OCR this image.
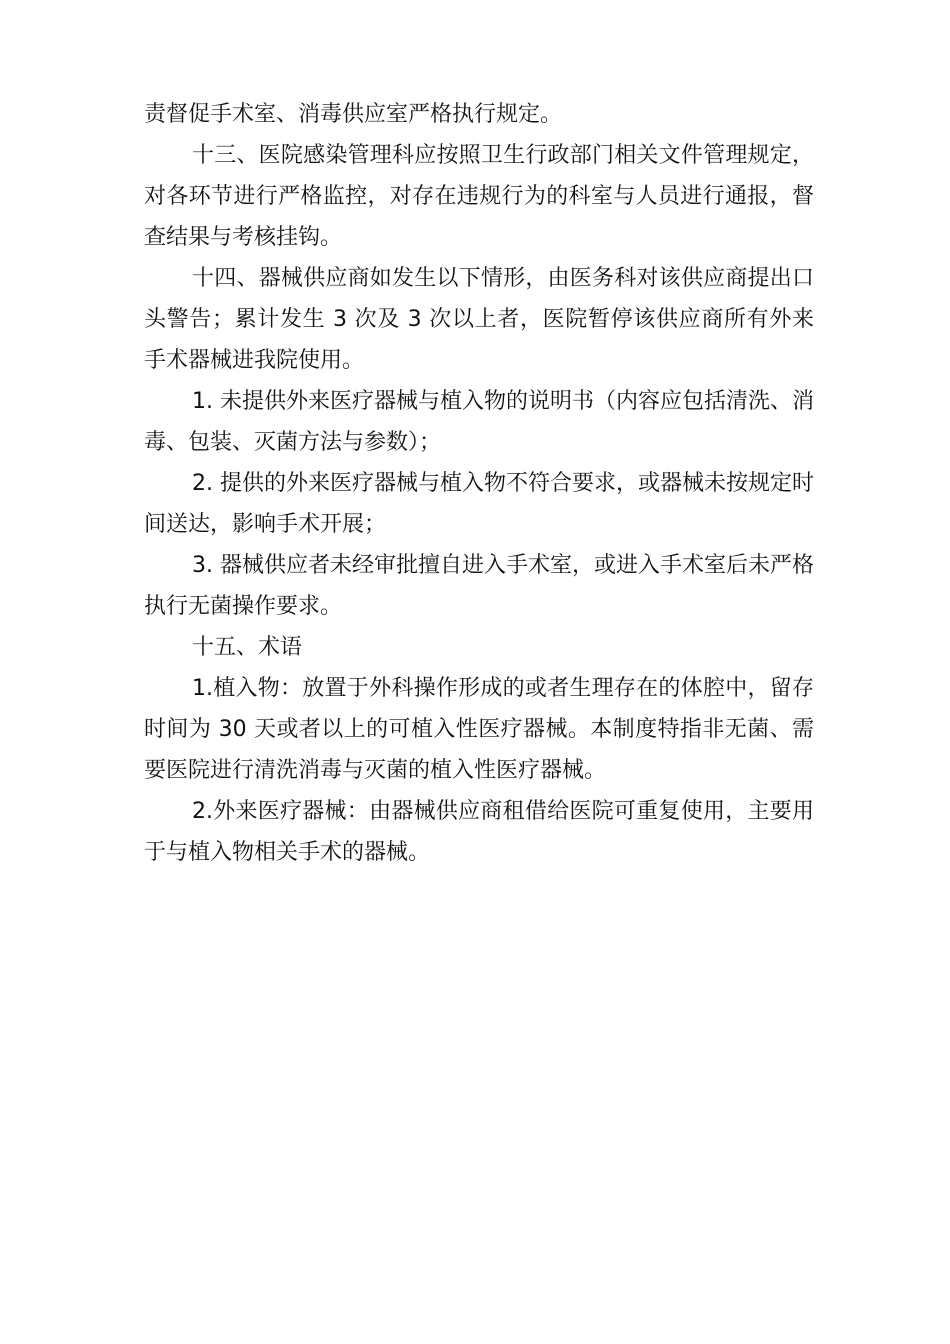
责督促手术室、消毒供应室严格执行规定。

十三、医院感染管理科应按照卫生行政部门相关文件管理规定，对各环节进行严格监控，对存在违规行为的科室与人员进行通报，督查结果与考核挂钩。

十四、器械供应商如发生以下情形，由医务科对该供应商提出口头警告；累计发生 3 次及 3 次以上者，医院暂停该供应商所有外来手术器械进我院使用。

1. 未提供外来医疗器械与植入物的说明书（内容应包括清洗、消毒、包装、灭菌方法与参数）；

2. 提供的外来医疗器械与植入物不符合要求，或器械未按规定时间送达，影响手术开展；

3. 器械供应者未经审批擅自进入手术室，或进入手术室后未严格执行无菌操作要求。

十五、术语

1.植入物：放置于外科操作形成的或者生理存在的体腔中，留存时间为 30 天或者以上的可植入性医疗器械。本制度特指非无菌、需要医院进行清洗消毒与灭菌的植入性医疗器械。

2.外来医疗器械：由器械供应商租借给医院可重复使用，主要用于与植入物相关手术的器械。
